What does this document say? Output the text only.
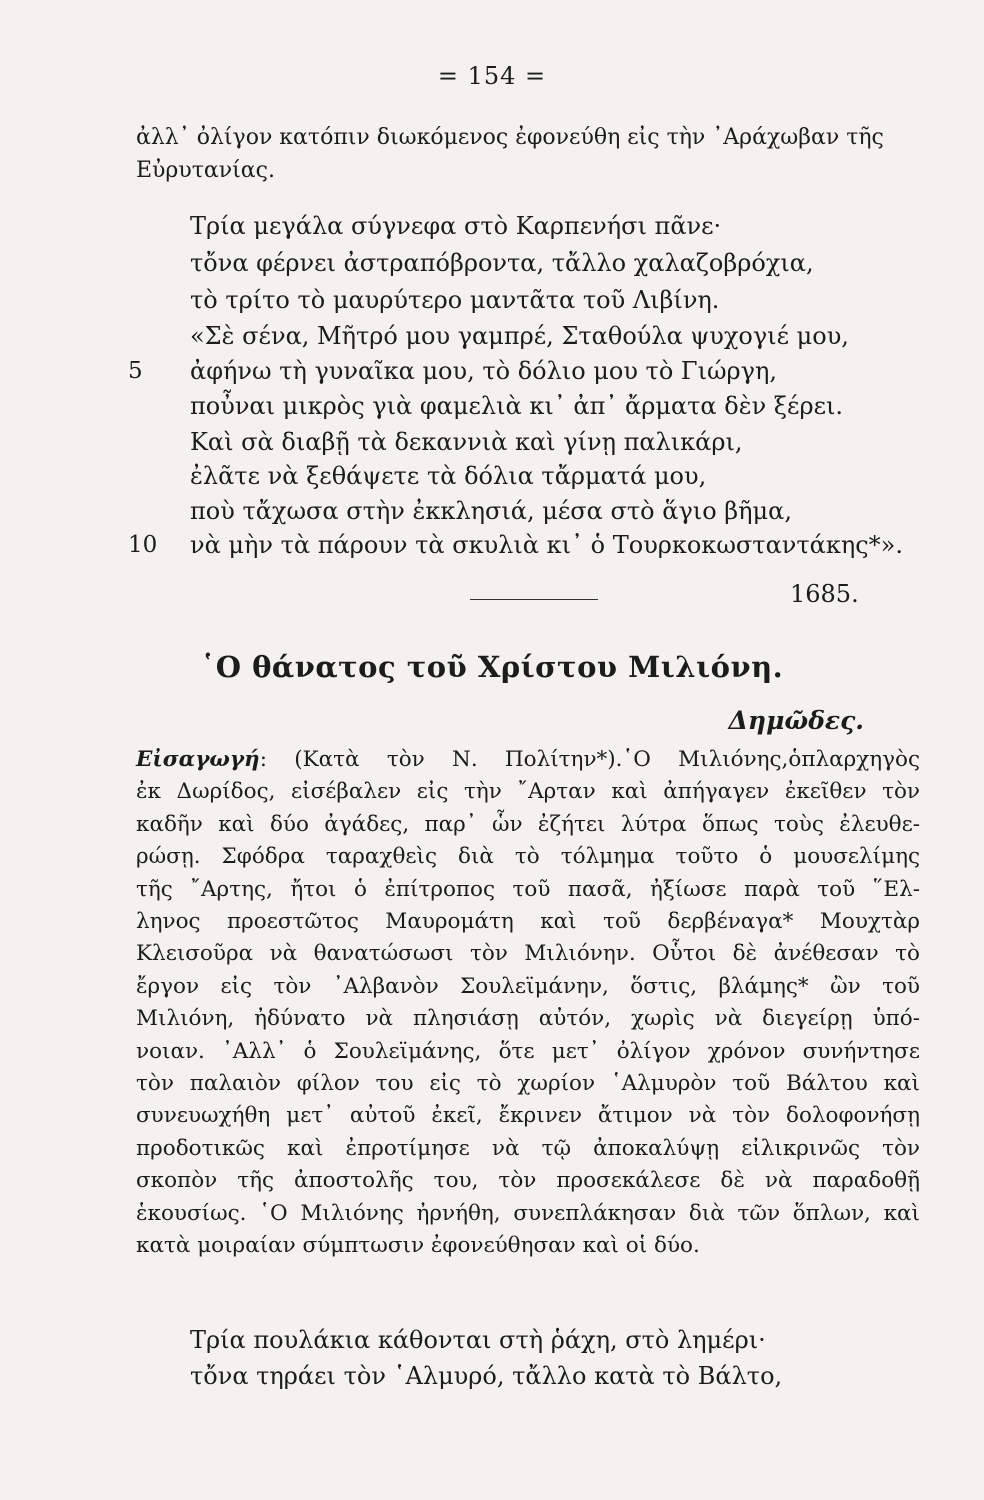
= 154 =
ἀλλ᾽ ὀλίγον κατόπιν διωκόμενος ἐφονεύθη εἰς τὴν ᾽Αράχωβαν τῆς
Εὐρυτανίας.
Τρία μεγάλα σύγνεφα στὸ Καρπενήσι πᾶνε·
τὄνα φέρνει ἀστραπόβροντα, τἄλλο χαλαζοβρόχια,
τὸ τρίτο τὸ μαυρύτερο μαντᾶτα τοῦ Λιβίνη.
«Σὲ σένα, Μῆτρό μου γαμπρέ, Σταθούλα ψυχογιέ μου,
5 ἀφήνω τὴ γυναῖκα μου, τὸ δόλιο μου τὸ Γιώργη,
ποὖναι μικρὸς γιὰ φαμελιὰ κι᾽ ἀπ᾽ ἄρματα δὲν ξέρει.
Καὶ σὰ διαβῇ τὰ δεκαννιὰ καὶ γίνῃ παλικάρι,
ἐλᾶτε νὰ ξεθάψετε τὰ δόλια τἄρματά μου,
ποὺ τἄχωσα στὴν ἐκκλησιά, μέσα στὸ ἅγιο βῆμα,
10 νὰ μὴν τὰ πάρουν τὰ σκυλιὰ κι᾽ ὁ Τουρκοκωσταντάκης*».
1685.
῾Ο θάνατος τοῦ Χρίστου Μιλιόνη.
Δημῶδες.
Εἰσαγωγή: (Κατὰ τὸν Ν. Πολίτην*).῾Ο Μιλιόνης,ὁπλαρχηγὸς
ἐκ Δωρίδος, εἰσέβαλεν εἰς τὴν ῎Αρταν καὶ ἀπήγαγεν ἐκεῖθεν τὸν
καδῆν καὶ δύο ἀγάδες, παρ᾽ ὧν ἐζήτει λύτρα ὅπως τοὺς ἐλευθε-
ρώσῃ. Σφόδρα ταραχθεὶς διὰ τὸ τόλμημα τοῦτο ὁ μουσελίμης
τῆς ῎Αρτης, ἤτοι ὁ ἐπίτροπος τοῦ πασᾶ, ἠξίωσε παρὰ τοῦ ῞Ελ-
ληνος προεστῶτος Μαυρομάτη καὶ τοῦ δερβέναγα* Μουχτὰρ
Κλεισοῦρα νὰ θανατώσωσι τὸν Μιλιόνην. Οὗτοι δὲ ἀνέθεσαν τὸ
ἔργον εἰς τὸν ᾽Αλβανὸν Σουλεϊμάνην, ὅστις, βλάμης* ὢν τοῦ
Μιλιόνη, ἠδύνατο νὰ πλησιάσῃ αὐτόν, χωρὶς νὰ διεγείρῃ ὑπό-
νοιαν. ᾽Αλλ᾽ ὁ Σουλεϊμάνης, ὅτε μετ᾽ ὀλίγον χρόνον συνήντησε
τὸν παλαιὸν φίλον του εἰς τὸ χωρίον ῾Αλμυρὸν τοῦ Βάλτου καὶ
συνευωχήθη μετ᾽ αὐτοῦ ἐκεῖ, ἔκρινεν ἄτιμον νὰ τὸν δολοφονήσῃ
προδοτικῶς καὶ ἐπροτίμησε νὰ τῷ ἀποκαλύψῃ εἰλικρινῶς τὸν
σκοπὸν τῆς ἀποστολῆς του, τὸν προσεκάλεσε δὲ νὰ παραδοθῇ
ἑκουσίως. ῾Ο Μιλιόνης ἠρνήθη, συνεπλάκησαν διὰ τῶν ὅπλων, καὶ
κατὰ μοιραίαν σύμπτωσιν ἐφονεύθησαν καὶ οἱ δύο.
Τρία πουλάκια κάθονται στὴ ῥάχη, στὸ λημέρι·
τὄνα τηράει τὸν ῾Αλμυρό, τἄλλο κατὰ τὸ Βάλτο,
